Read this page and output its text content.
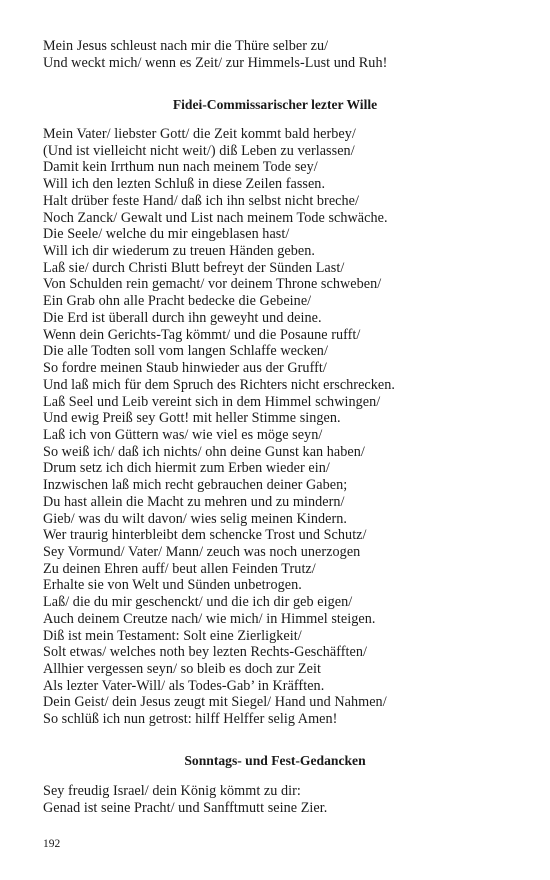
Mein Jesus schleust nach mir die Thüre selber zu/
Und weckt mich/ wenn es Zeit/ zur Himmels-Lust und Ruh!
Fidei-Commissarischer lezter Wille
Mein Vater/ liebster Gott/ die Zeit kommt bald herbey/
(Und ist vielleicht nicht weit/) diß Leben zu verlassen/
Damit kein Irrthum nun nach meinem Tode sey/
Will ich den lezten Schluß in diese Zeilen fassen.
Halt drüber feste Hand/ daß ich ihn selbst nicht breche/
Noch Zanck/ Gewalt und List nach meinem Tode schwäche.
Die Seele/ welche du mir eingeblasen hast/
Will ich dir wiederum zu treuen Händen geben.
Laß sie/ durch Christi Blutt befreyt der Sünden Last/
Von Schulden rein gemacht/ vor deinem Throne schweben/
Ein Grab ohn alle Pracht bedecke die Gebeine/
Die Erd ist überall durch ihn geweyht und deine.
Wenn dein Gerichts-Tag kömmt/ und die Posaune rufft/
Die alle Todten soll vom langen Schlaffe wecken/
So fordre meinen Staub hinwieder aus der Grufft/
Und laß mich für dem Spruch des Richters nicht erschrecken.
Laß Seel und Leib vereint sich in dem Himmel schwingen/
Und ewig Preiß sey Gott! mit heller Stimme singen.
Laß ich von Güttern was/ wie viel es möge seyn/
So weiß ich/ daß ich nichts/ ohn deine Gunst kan haben/
Drum setz ich dich hiermit zum Erben wieder ein/
Inzwischen laß mich recht gebrauchen deiner Gaben;
Du hast allein die Macht zu mehren und zu mindern/
Gieb/ was du wilt davon/ wies selig meinen Kindern.
Wer traurig hinterbleibt dem schencke Trost und Schutz/
Sey Vormund/ Vater/ Mann/ zeuch was noch unerzogen
Zu deinen Ehren auff/ beut allen Feinden Trutz/
Erhalte sie von Welt und Sünden unbetrogen.
Laß/ die du mir geschenckt/ und die ich dir geb eigen/
Auch deinem Creutze nach/ wie mich/ in Himmel steigen.
Diß ist mein Testament: Solt eine Zierligkeit/
Solt etwas/ welches noth bey lezten Rechts-Geschäfften/
Allhier vergessen seyn/ so bleib es doch zur Zeit
Als lezter Vater-Will/ als Todes-Gab’ in Kräfften.
Dein Geist/ dein Jesus zeugt mit Siegel/ Hand und Nahmen/
So schlüß ich nun getrost: hilff Helffer selig Amen!
Sonntags- und Fest-Gedancken
Sey freudig Israel/ dein König kömmt zu dir:
Genad ist seine Pracht/ und Sanfftmutt seine Zier.
192
